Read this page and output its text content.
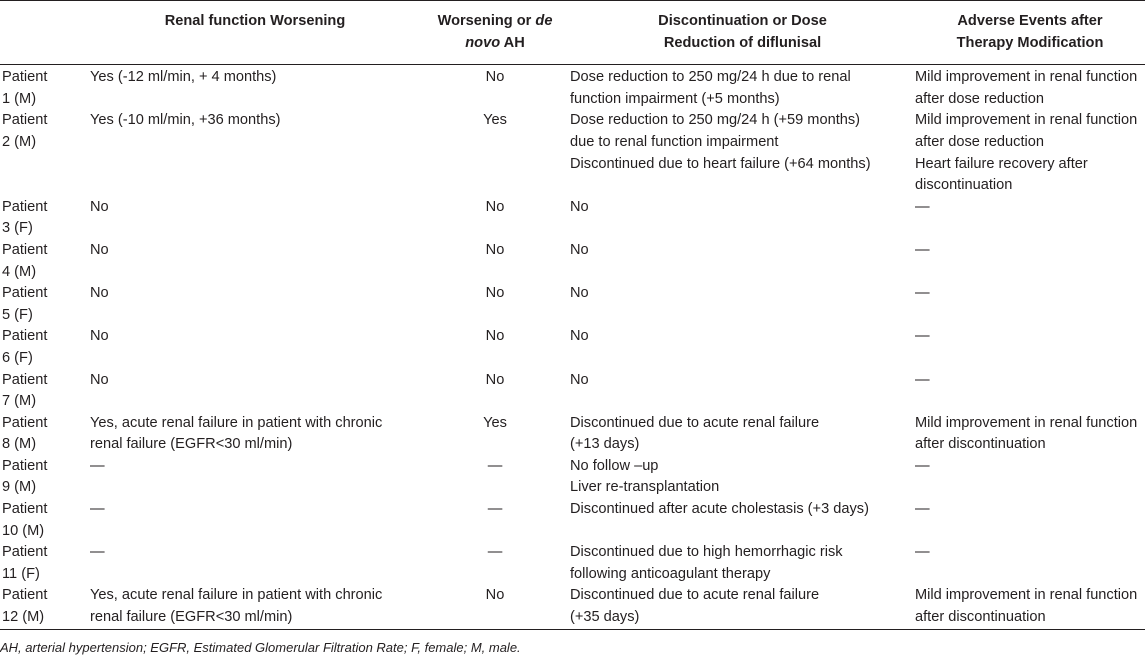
	Renal function Worsening	Worsening or de
novo AH	Discontinuation or Dose
Reduction of diflunisal	Adverse Events after
Therapy Modification

Patient
1 (M)	Yes (-12 ml/min, + 4 months)	No	Dose reduction to 250 mg/24 h due to renal
function impairment (+5 months)	Mild improvement in renal function
after dose reduction

Patient
2 (M)	Yes (-10 ml/min, +36 months)	Yes	Dose reduction to 250 mg/24 h (+59 months)
due to renal function impairment
Discontinued due to heart failure (+64 months)	Mild improvement in renal function
after dose reduction
Heart failure recovery after
discontinuation

Patient
3 (F)	No	No	No	—

Patient
4 (M)	No	No	No	—

Patient
5 (F)	No	No	No	—

Patient
6 (F)	No	No	No	—

Patient
7 (M)	No	No	No	—

Patient
8 (M)	Yes, acute renal failure in patient with chronic
renal failure (EGFR<30 ml/min)	Yes	Discontinued due to acute renal failure
(+13 days)	Mild improvement in renal function
after discontinuation

Patient
9 (M)	—	—	No follow –up
Liver re-transplantation	—

Patient
10 (M)	—	—	Discontinued after acute cholestasis (+3 days)	—

Patient
11 (F)	—	—	Discontinued due to high hemorrhagic risk
following anticoagulant therapy	—

Patient
12 (M)	Yes, acute renal failure in patient with chronic
renal failure (EGFR<30 ml/min)	No	Discontinued due to acute renal failure
(+35 days)	Mild improvement in renal function
after discontinuation
AH, arterial hypertension; EGFR, Estimated Glomerular Filtration Rate; F, female; M, male.
